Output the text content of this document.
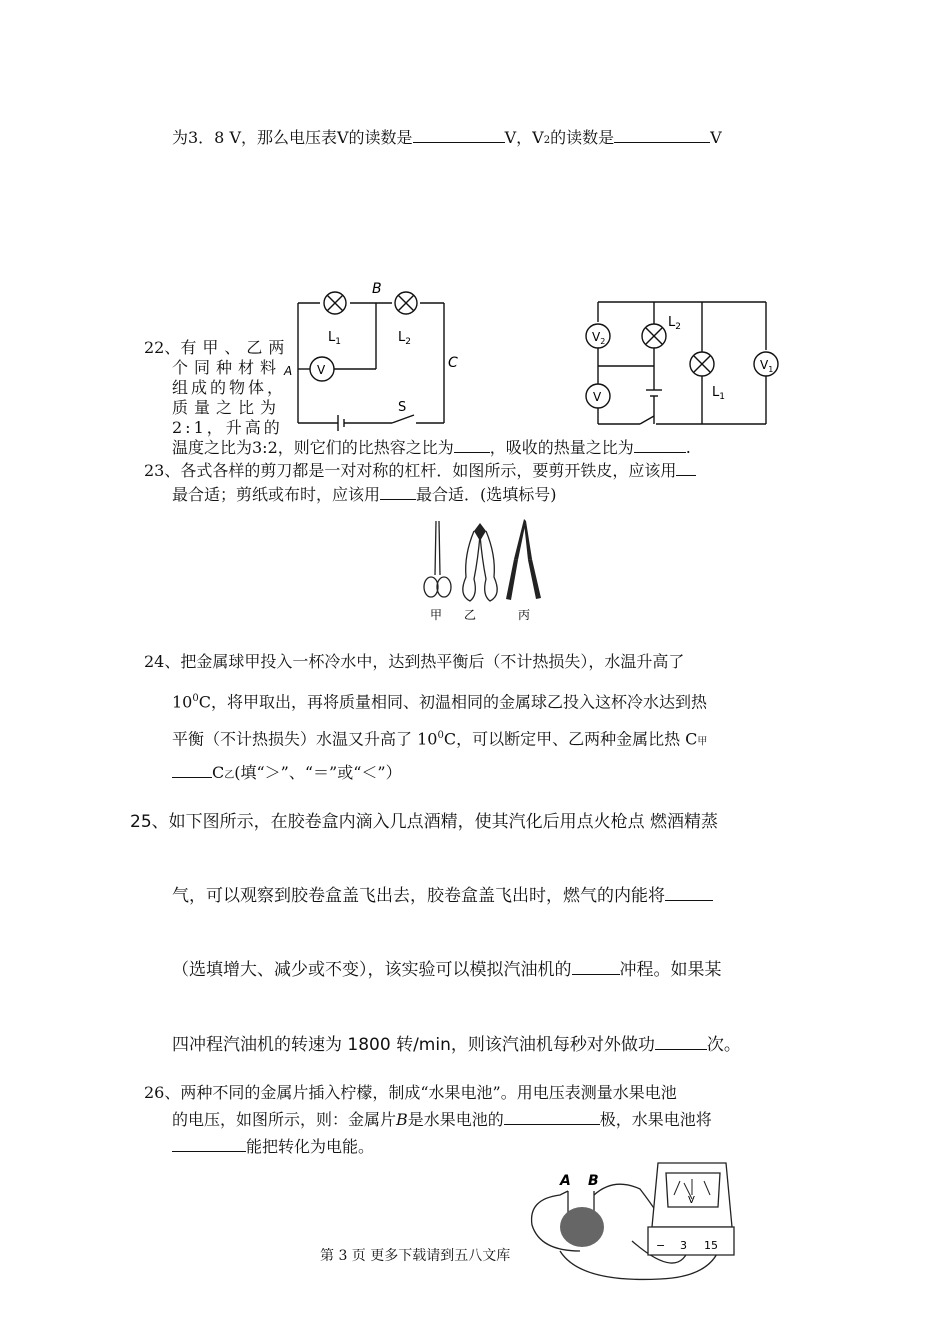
为3．8 V，那么电压表V的读数是	V，V2的读数是	V
B
$L_1$	$L_2$
C
S
V
A
$V_2$
$L_2$
V	$L_1$
$V_1$
22、有甲、乙两
个同种材料
组成的物体，
质量之比为
2:1，升高的
温度之比为3:2，则它们的比热容之比为 ，吸收的热量之比为	.
23、各式各样的剪刀都是一对对称的杠杆．如图所示，要剪开铁皮，应该用
最合适；剪纸或布时，应该用 最合适．(选填标号)
甲 乙	丙
24、把金属球甲投入一杯冷水中，达到热平衡后（不计热损失），水温升高了
$10^0C$，将甲取出，再将质量相同、初温相同的金属球乙投入这杯冷水达到热
平衡（不计热损失）水温又升高了 $10^0C$，可以断定甲、乙两种金属比热 C甲
C乙(填“＞”、“＝”或“＜”）
25、如下图所示，在胶卷盒内滴入几点酒精，使其汽化后用点火枪点 燃酒精蒸
气，可以观察到胶卷盒盖飞出去，胶卷盒盖飞出时，燃气的内能将
（选填增大、减少或不变），该实验可以模拟汽油机的	冲程。如果某
四冲程汽油机的转速为 1800 转/min，则该汽油机每秒对外做功	次。
26、两种不同的金属片插入柠檬，制成“水果电池”。用电压表测量水果电池
的电压，如图所示，则：金属片B是水果电池的	极，水果电池将
能把转化为电能。
V
A B
− 3 15
第 3 页 更多下载请到五八文库
